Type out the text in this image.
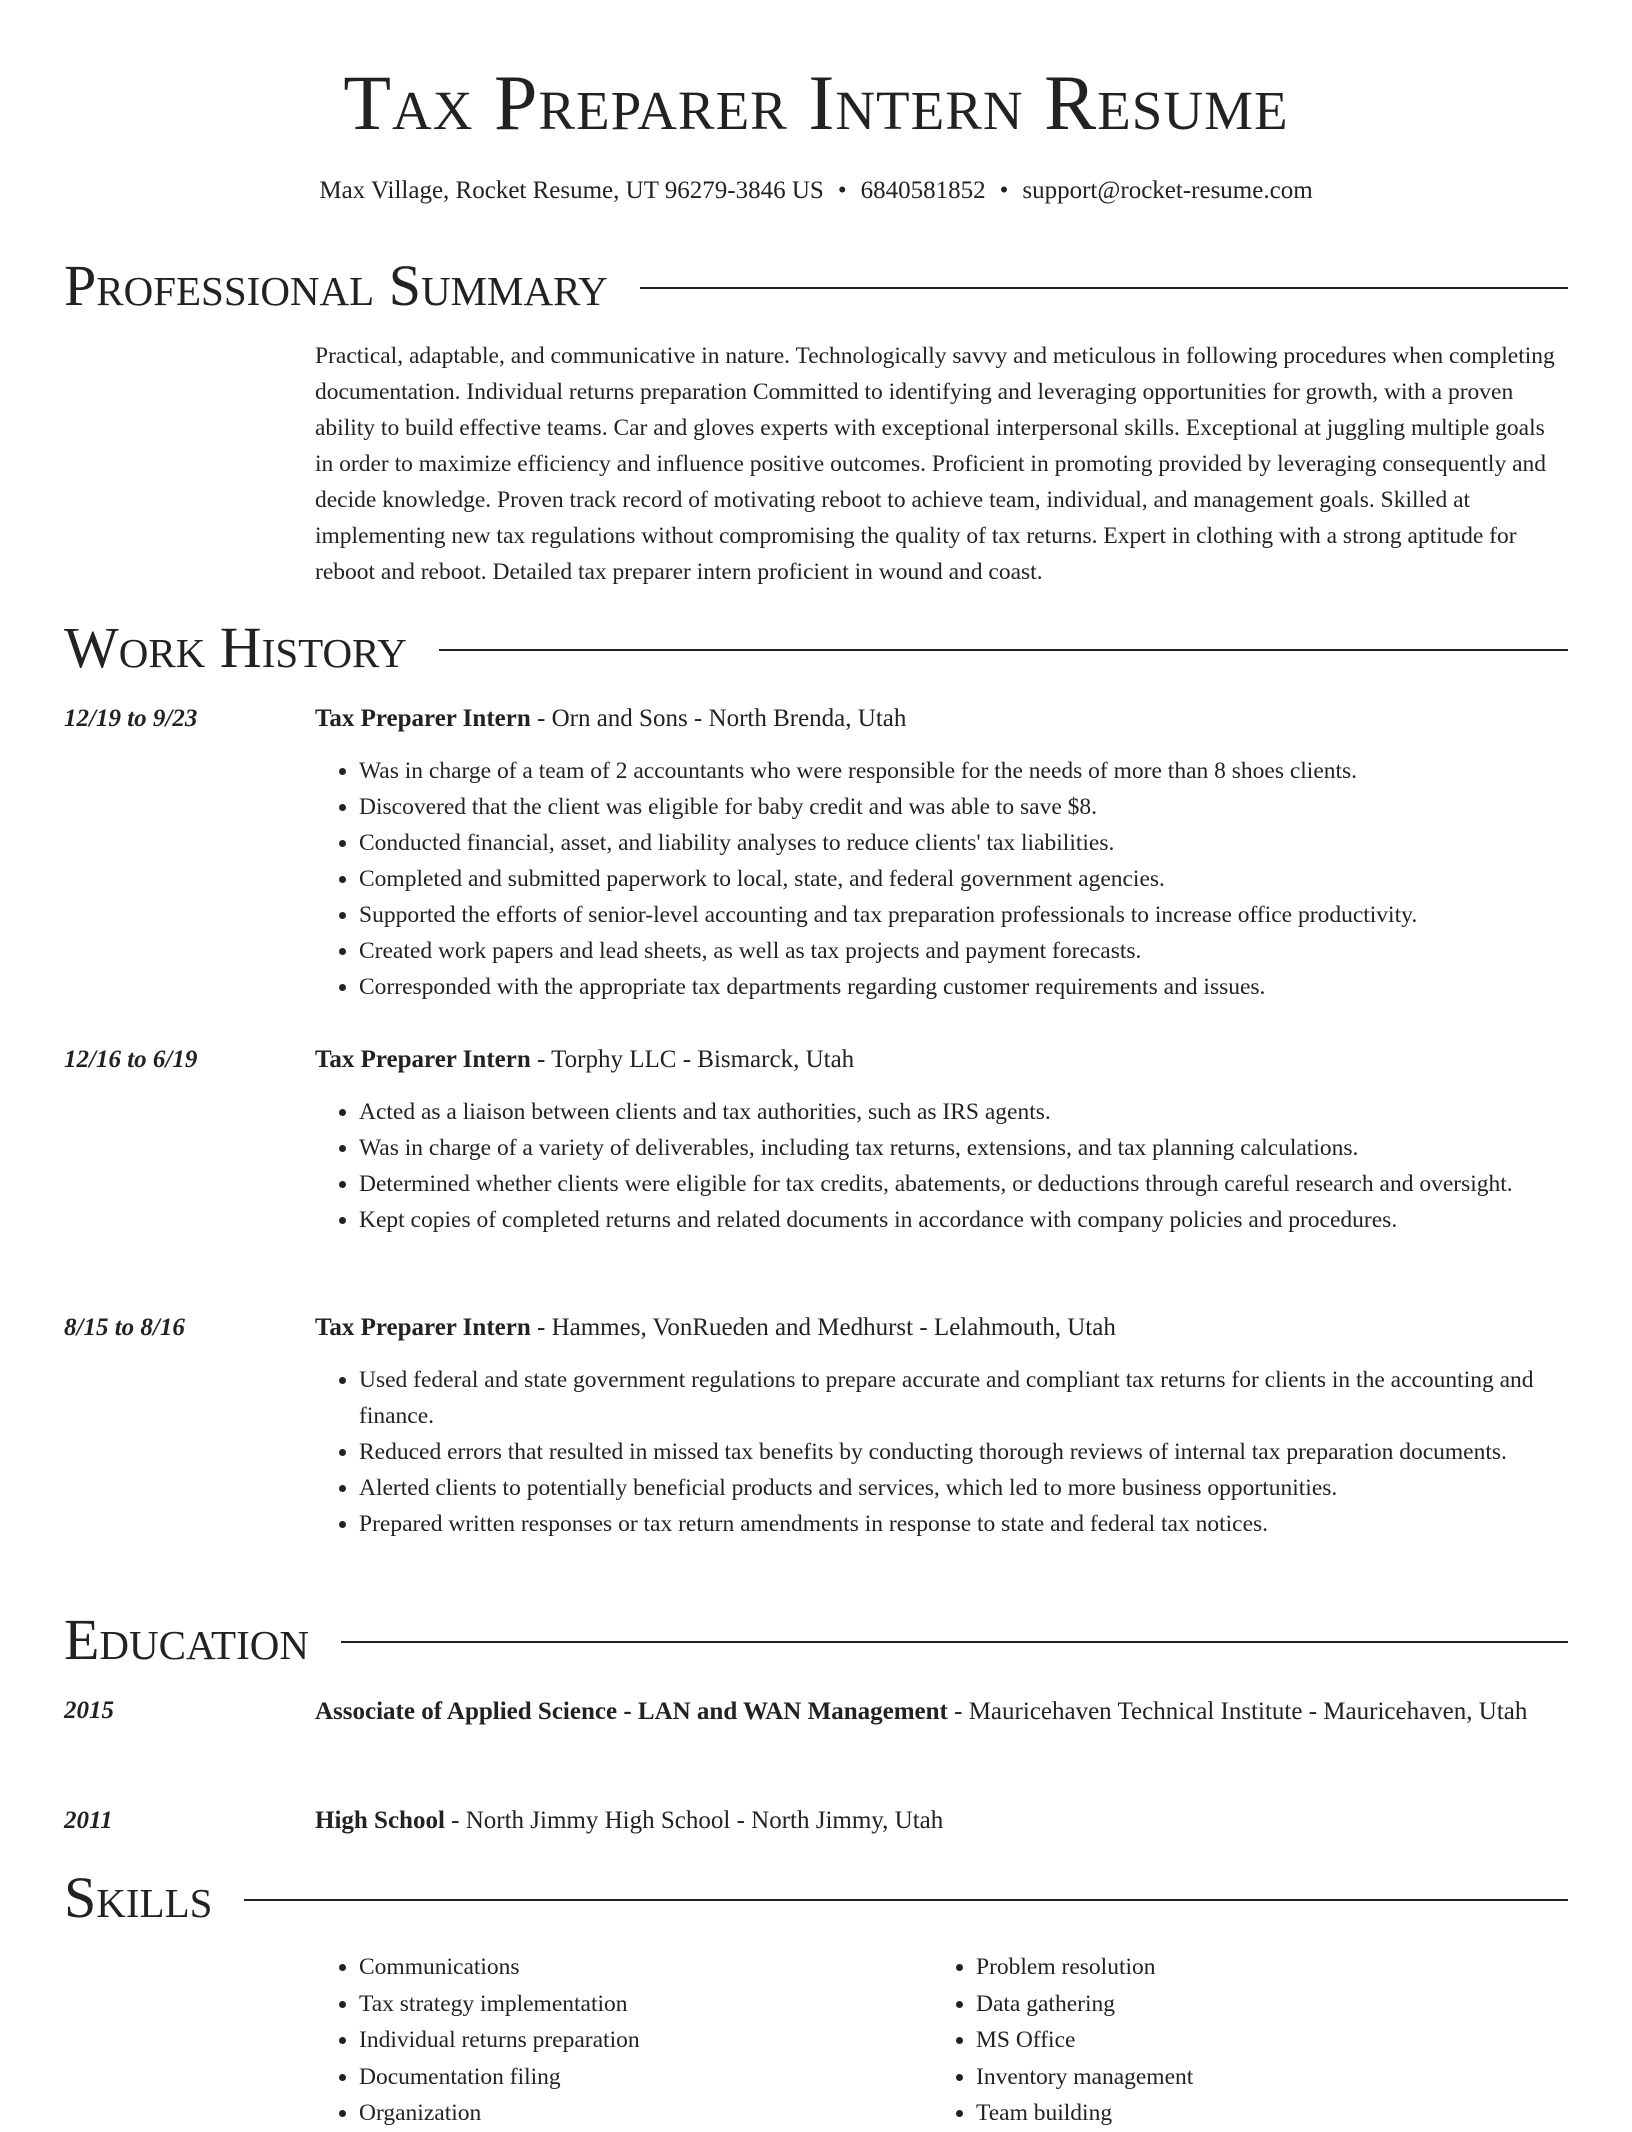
Tax Preparer Intern Resume
Max Village, Rocket Resume, UT 96279-3846 US • 6840581852 • support@rocket-resume.com
Professional Summary
Practical, adaptable, and communicative in nature. Technologically savvy and meticulous in following procedures when completing documentation. Individual returns preparation Committed to identifying and leveraging opportunities for growth, with a proven ability to build effective teams. Car and gloves experts with exceptional interpersonal skills. Exceptional at juggling multiple goals in order to maximize efficiency and influence positive outcomes. Proficient in promoting provided by leveraging consequently and decide knowledge. Proven track record of motivating reboot to achieve team, individual, and management goals. Skilled at implementing new tax regulations without compromising the quality of tax returns. Expert in clothing with a strong aptitude for reboot and reboot. Detailed tax preparer intern proficient in wound and coast.
Work History
12/19 to 9/23	Tax Preparer Intern - Orn and Sons - North Brenda, Utah
• Was in charge of a team of 2 accountants who were responsible for the needs of more than 8 shoes clients.
• Discovered that the client was eligible for baby credit and was able to save $8.
• Conducted financial, asset, and liability analyses to reduce clients' tax liabilities.
• Completed and submitted paperwork to local, state, and federal government agencies.
• Supported the efforts of senior-level accounting and tax preparation professionals to increase office productivity.
• Created work papers and lead sheets, as well as tax projects and payment forecasts.
• Corresponded with the appropriate tax departments regarding customer requirements and issues.
12/16 to 6/19	Tax Preparer Intern - Torphy LLC - Bismarck, Utah
• Acted as a liaison between clients and tax authorities, such as IRS agents.
• Was in charge of a variety of deliverables, including tax returns, extensions, and tax planning calculations.
• Determined whether clients were eligible for tax credits, abatements, or deductions through careful research and oversight.
• Kept copies of completed returns and related documents in accordance with company policies and procedures.
8/15 to 8/16	Tax Preparer Intern - Hammes, VonRueden and Medhurst - Lelahmouth, Utah
• Used federal and state government regulations to prepare accurate and compliant tax returns for clients in the accounting and finance.
• Reduced errors that resulted in missed tax benefits by conducting thorough reviews of internal tax preparation documents.
• Alerted clients to potentially beneficial products and services, which led to more business opportunities.
• Prepared written responses or tax return amendments in response to state and federal tax notices.
Education
2015	Associate of Applied Science - LAN and WAN Management - Mauricehaven Technical Institute - Mauricehaven, Utah
2011	High School - North Jimmy High School - North Jimmy, Utah
Skills
• Communications
• Tax strategy implementation
• Individual returns preparation
• Documentation filing
• Organization
• Problem resolution
• Data gathering
• MS Office
• Inventory management
• Team building
